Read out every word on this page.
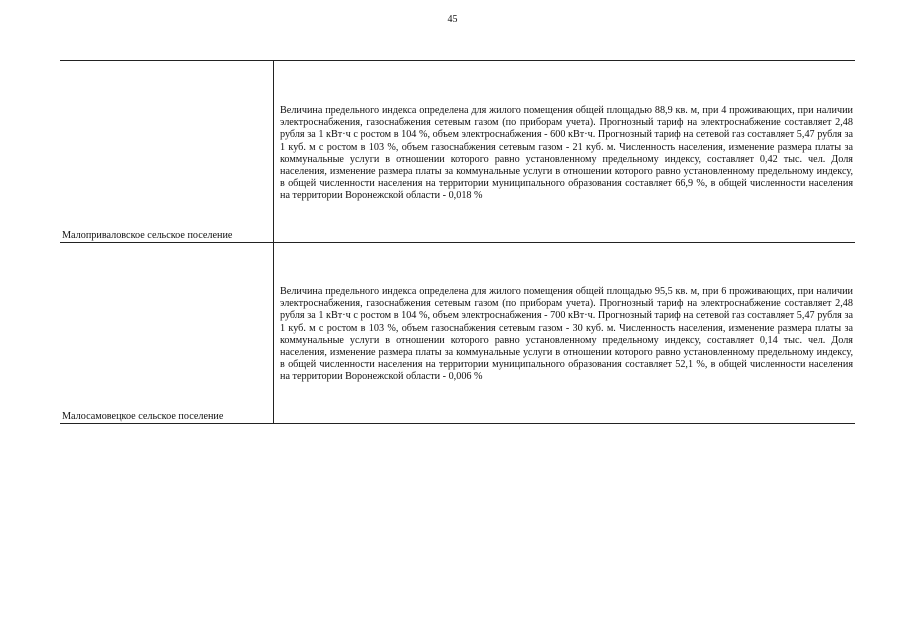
45
Малоприваловское сельское поселение

Величина предельного индекса определена для жилого помещения общей площадью 88,9 кв. м, при 4 проживающих, при наличии электроснабжения, газоснабжения сетевым газом (по приборам учета). Прогнозный тариф на электроснабжение составляет 2,48 рубля за 1 кВт·ч с ростом в 104 %, объем электроснабжения - 600 кВт·ч. Прогнозный тариф на сетевой газ составляет 5,47 рубля за 1 куб. м с ростом в 103 %, объем газоснабжения сетевым газом - 21 куб. м. Численность населения, изменение размера платы за коммунальные услуги в отношении которого равно установленному предельному индексу, составляет 0,42 тыс. чел. Доля населения, изменение размера платы за коммунальные услуги в отношении которого равно установленному предельному индексу, в общей численности населения на территории муниципального образования составляет 66,9 %, в общей численности населения на территории Воронежской области - 0,018 %

Малосамовецкое сельское поселение

Величина предельного индекса определена для жилого помещения общей площадью 95,5 кв. м, при 6 проживающих, при наличии электроснабжения, газоснабжения сетевым газом (по приборам учета). Прогнозный тариф на электроснабжение составляет 2,48 рубля за 1 кВт·ч с ростом в 104 %, объем электроснабжения - 700 кВт·ч. Прогнозный тариф на сетевой газ составляет 5,47 рубля за 1 куб. м с ростом в 103 %, объем газоснабжения сетевым газом - 30 куб. м. Численность населения, изменение размера платы за коммунальные услуги в отношении которого равно установленному предельному индексу, составляет 0,14 тыс. чел. Доля населения, изменение размера платы за коммунальные услуги в отношении которого равно установленному предельному индексу, в общей численности населения на территории муниципального образования составляет 52,1 %, в общей численности населения на территории Воронежской области - 0,006 %
